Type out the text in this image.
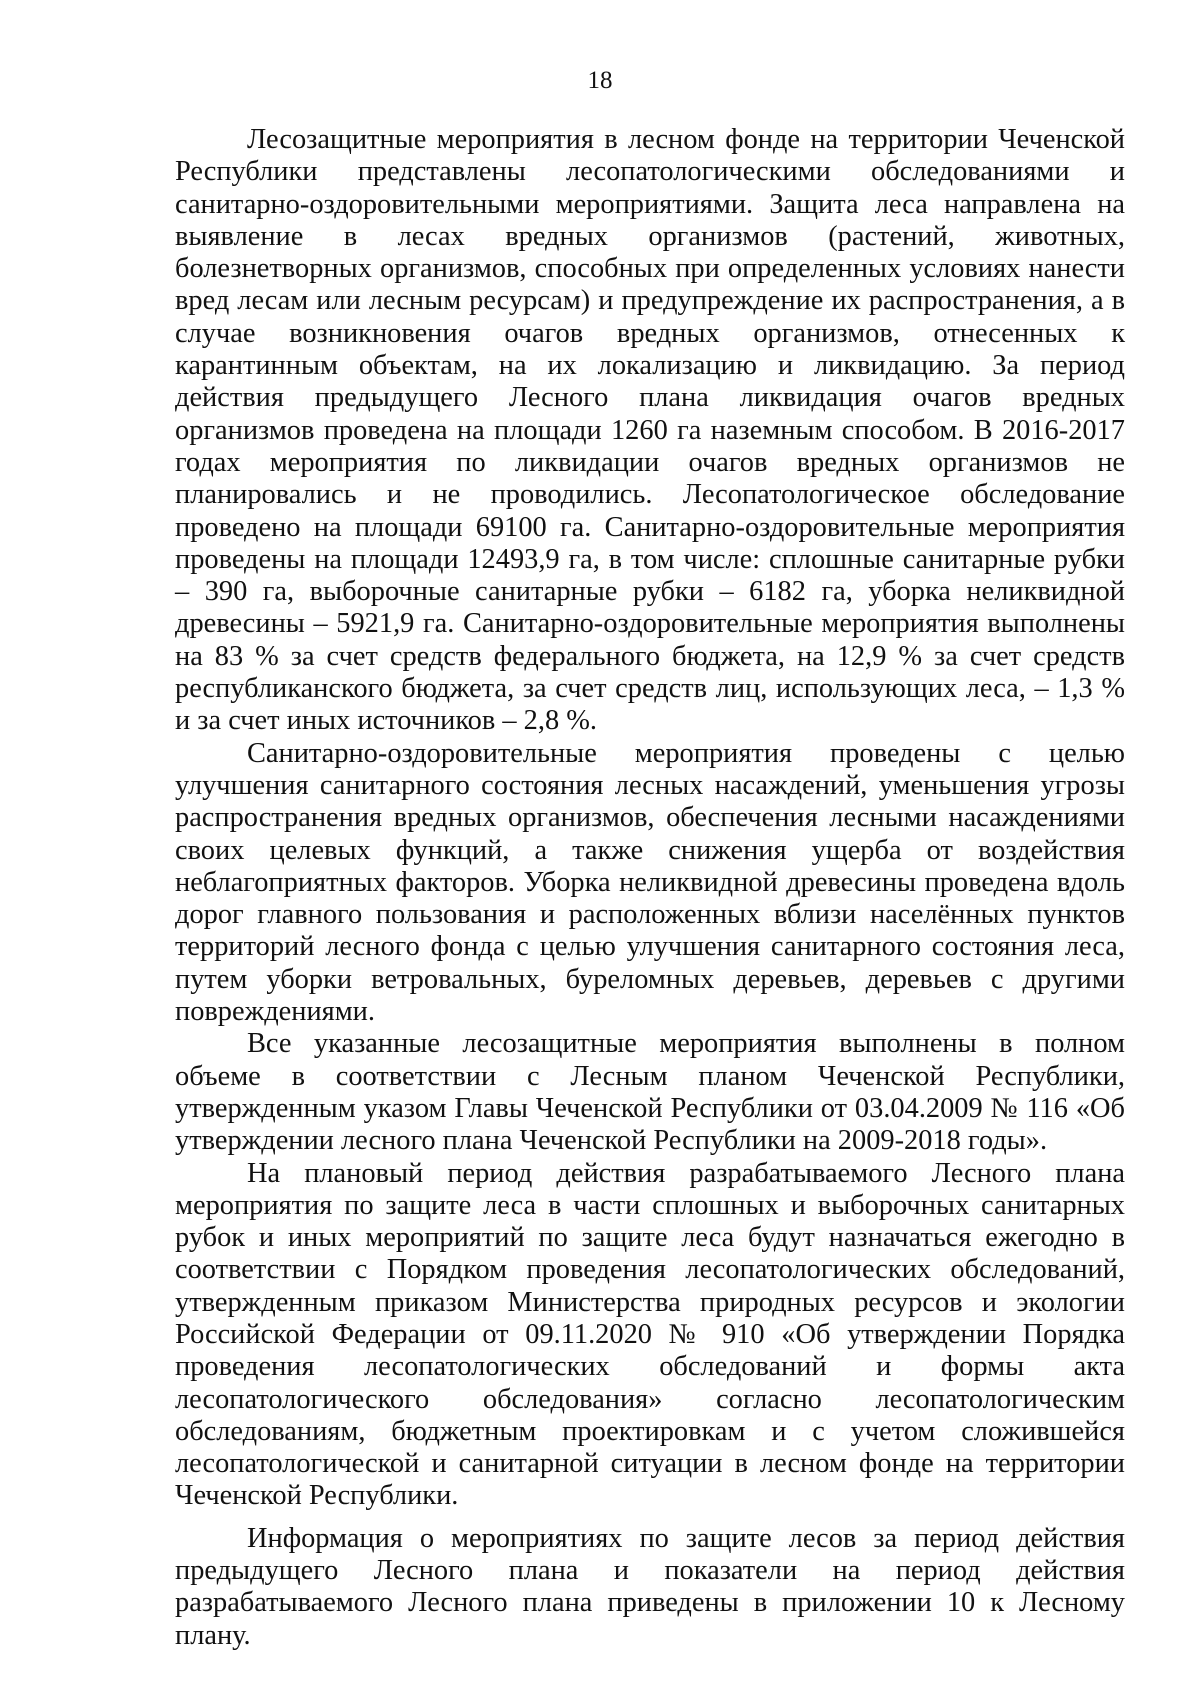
18

Лесозащитные мероприятия в лесном фонде на территории Чеченской Республики представлены лесопатологическими обследованиями и санитарно-оздоровительными мероприятиями. Защита леса направлена на выявление в лесах вредных организмов (растений, животных, болезнетворных организмов, способных при определенных условиях нанести вред лесам или лесным ресурсам) и предупреждение их распространения, а в случае возникновения очагов вредных организмов, отнесенных к карантинным объектам, на их локализацию и ликвидацию. За период действия предыдущего Лесного плана ликвидация очагов вредных организмов проведена на площади 1260 га наземным способом. В 2016-2017 годах мероприятия по ликвидации очагов вредных организмов не планировались и не проводились. Лесопатологическое обследование проведено на площади 69100 га. Санитарно-оздоровительные мероприятия проведены на площади 12493,9 га, в том числе: сплошные санитарные рубки – 390 га, выборочные санитарные рубки – 6182 га, уборка неликвидной древесины – 5921,9 га. Санитарно-оздоровительные мероприятия выполнены на 83 % за счет средств федерального бюджета, на 12,9 % за счет средств республиканского бюджета, за счет средств лиц, использующих леса, – 1,3 % и за счет иных источников – 2,8 %.

Санитарно-оздоровительные мероприятия проведены с целью улучшения санитарного состояния лесных насаждений, уменьшения угрозы распространения вредных организмов, обеспечения лесными насаждениями своих целевых функций, а также снижения ущерба от воздействия неблагоприятных факторов. Уборка неликвидной древесины проведена вдоль дорог главного пользования и расположенных вблизи населённых пунктов территорий лесного фонда с целью улучшения санитарного состояния леса, путем уборки ветровальных, буреломных деревьев, деревьев с другими повреждениями.

Все указанные лесозащитные мероприятия выполнены в полном объеме в соответствии с Лесным планом Чеченской Республики, утвержденным указом Главы Чеченской Республики от 03.04.2009 № 116 «Об утверждении лесного плана Чеченской Республики на 2009-2018 годы».

На плановый период действия разрабатываемого Лесного плана мероприятия по защите леса в части сплошных и выборочных санитарных рубок и иных мероприятий по защите леса будут назначаться ежегодно в соответствии с Порядком проведения лесопатологических обследований, утвержденным приказом Министерства природных ресурсов и экологии Российской Федерации от 09.11.2020 № 910 «Об утверждении Порядка проведения лесопатологических обследований и формы акта лесопатологического обследования» согласно лесопатологическим обследованиям, бюджетным проектировкам и с учетом сложившейся лесопатологической и санитарной ситуации в лесном фонде на территории Чеченской Республики.

Информация о мероприятиях по защите лесов за период действия предыдущего Лесного плана и показатели на период действия разрабатываемого Лесного плана приведены в приложении 10 к Лесному плану.
